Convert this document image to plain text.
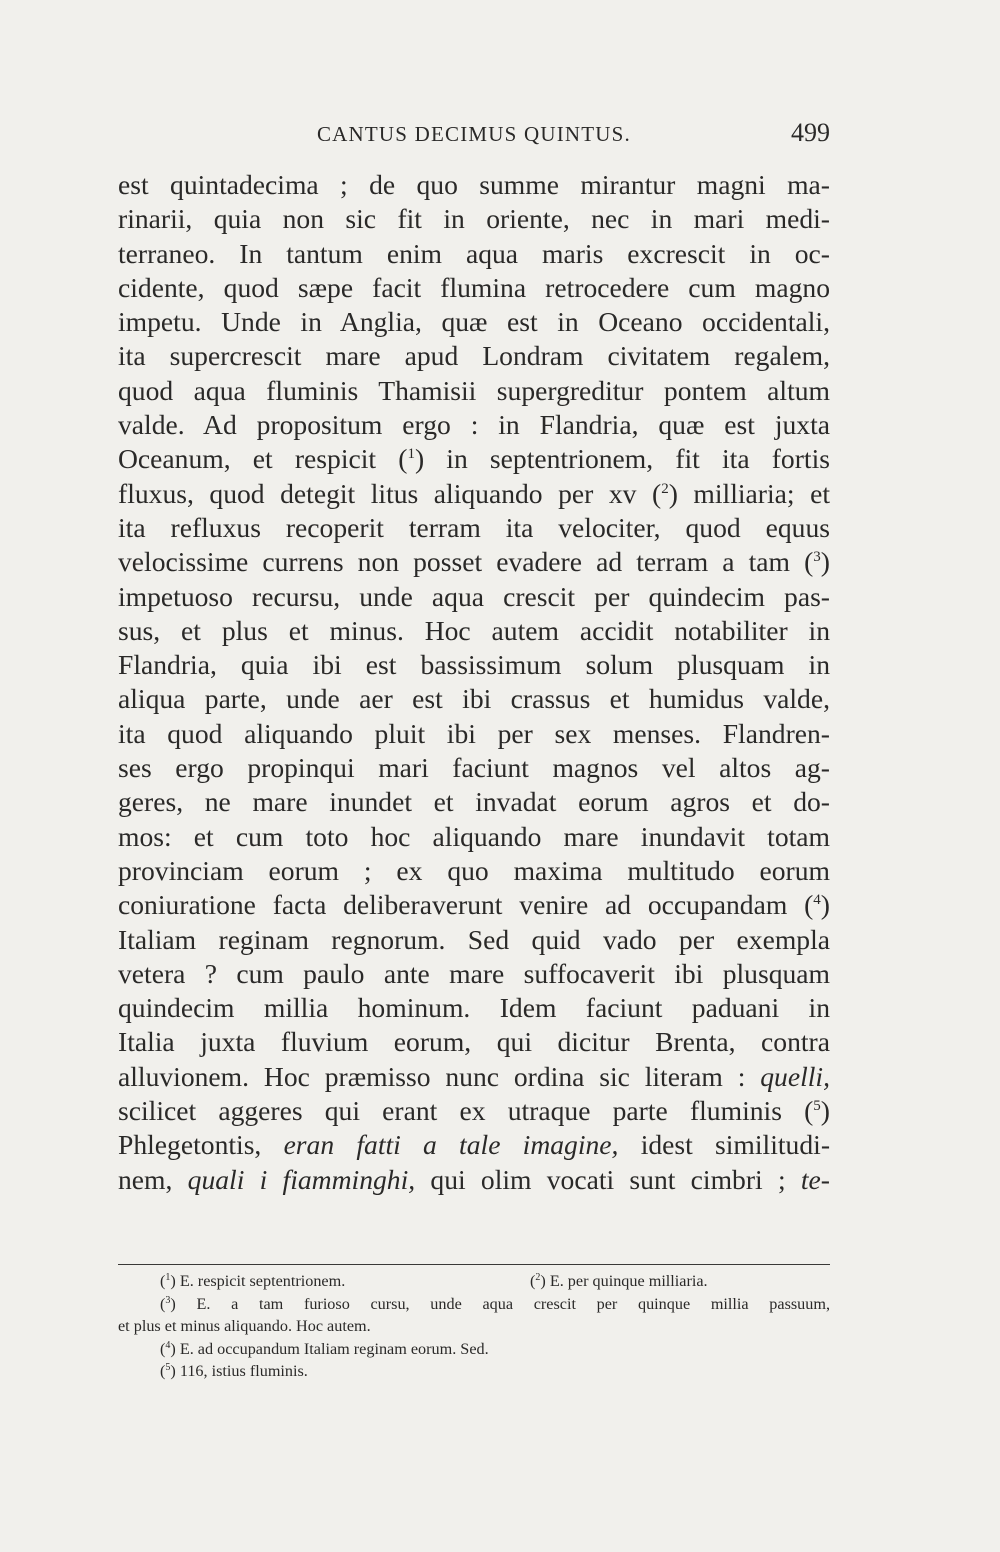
CANTUS DECIMUS QUINTUS.	499
est quintadecima ; de quo summe mirantur magni ma-
rinarii, quia non sic fit in oriente, nec in mari medi-
terraneo. In tantum enim aqua maris excrescit in oc-
cidente, quod sæpe facit flumina retrocedere cum magno
impetu. Unde in Anglia, quæ est in Oceano occidentali,
ita supercrescit mare apud Londram civitatem regalem,
quod aqua fluminis Thamisii supergreditur pontem altum
valde. Ad propositum ergo : in Flandria, quæ est juxta
Oceanum, et respicit ($^1$) in septentrionem, fit ita fortis
fluxus, quod detegit litus aliquando per xv ($^2$) milliaria; et
ita refluxus recoperit terram ita velociter, quod equus
velocissime currens non posset evadere ad terram a tam ($^3$)
impetuoso recursu, unde aqua crescit per quindecim pas-
sus, et plus et minus. Hoc autem accidit notabiliter in
Flandria, quia ibi est bassissimum solum plusquam in
aliqua parte, unde aer est ibi crassus et humidus valde,
ita quod aliquando pluit ibi per sex menses. Flandren-
ses ergo propinqui mari faciunt magnos vel altos ag-
geres, ne mare inundet et invadat eorum agros et do-
mos: et cum toto hoc aliquando mare inundavit totam
provinciam eorum ; ex quo maxima multitudo eorum
coniuratione facta deliberaverunt venire ad occupandam ($^4$)
Italiam reginam regnorum. Sed quid vado per exempla
vetera ? cum paulo ante mare suffocaverit ibi plusquam
quindecim millia hominum. Idem faciunt paduani in
Italia juxta fluvium eorum, qui dicitur Brenta, contra
alluvionem. Hoc præmisso nunc ordina sic literam : quelli,
scilicet aggeres qui erant ex utraque parte fluminis ($^5$)
Phlegetontis, eran fatti a tale imagine, idest similitudi-
nem, quali i fiamminghi, qui olim vocati sunt cimbri ; te-
($^1$) E. respicit septentrionem.	($^2$) E. per quinque milliaria.
($^3$) E. a tam furioso cursu, unde aqua crescit per quinque millia passuum,
et plus et minus aliquando. Hoc autem.
($^4$) E. ad occupandum Italiam reginam eorum. Sed.
($^5$) 116, istius fluminis.
